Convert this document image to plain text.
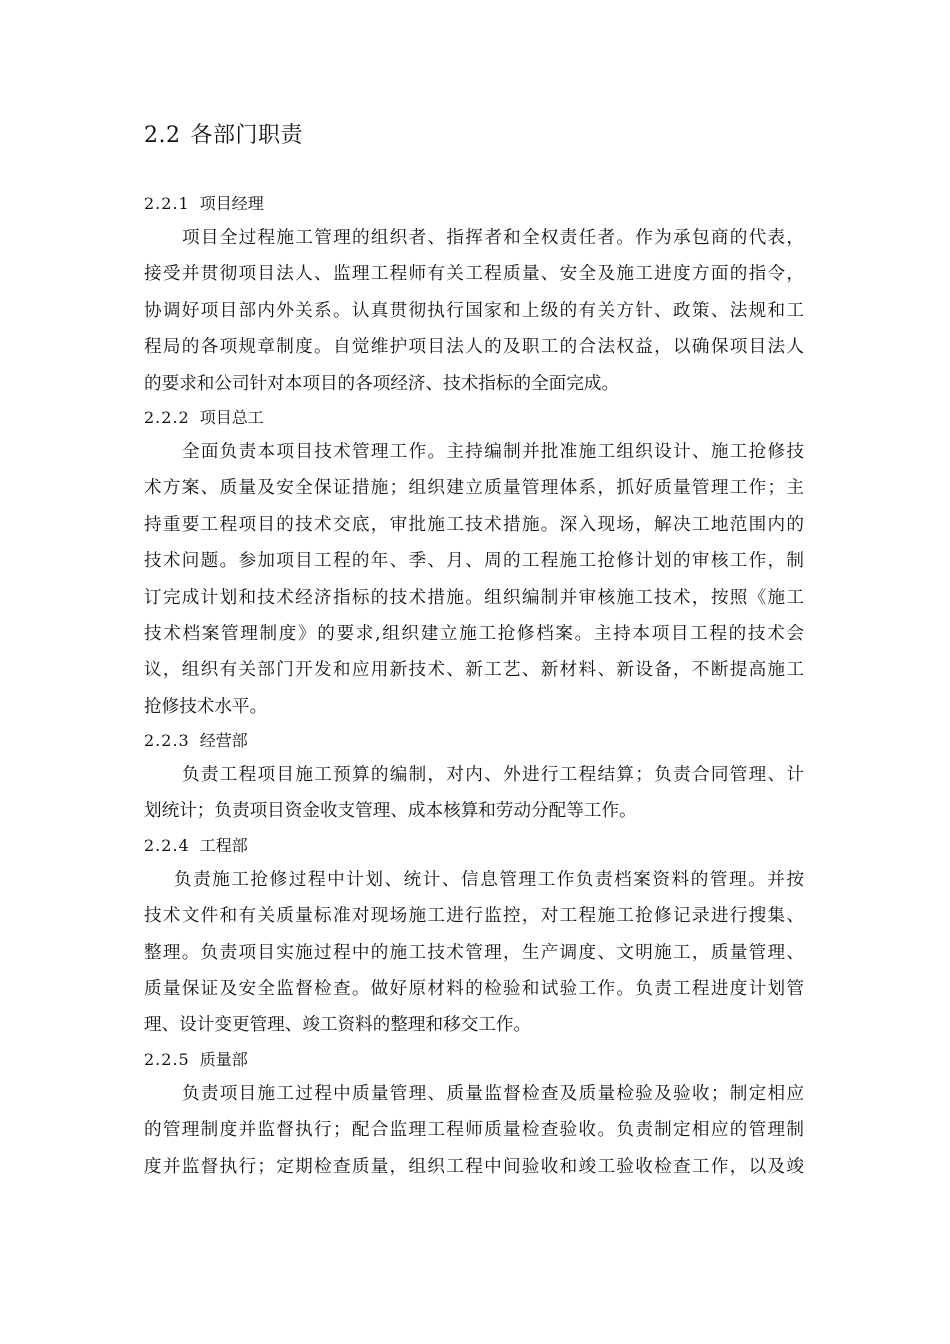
2.2 各部门职责
2.2.1 项目经理

项目全过程施工管理的组织者、指挥者和全权责任者。作为承包商的代表，
接受并贯彻项目法人、监理工程师有关工程质量、安全及施工进度方面的指令，
协调好项目部内外关系。认真贯彻执行国家和上级的有关方针、政策、法规和工
程局的各项规章制度。自觉维护项目法人的及职工的合法权益，以确保项目法人
的要求和公司针对本项目的各项经济、技术指标的全面完成。

2.2.2 项目总工

全面负责本项目技术管理工作。主持编制并批准施工组织设计、施工抢修技
术方案、质量及安全保证措施；组织建立质量管理体系，抓好质量管理工作；主
持重要工程项目的技术交底，审批施工技术措施。深入现场，解决工地范围内的
技术问题。参加项目工程的年、季、月、周的工程施工抢修计划的审核工作，制
订完成计划和技术经济指标的技术措施。组织编制并审核施工技术，按照《施工
技术档案管理制度》的要求,组织建立施工抢修档案。主持本项目工程的技术会
议，组织有关部门开发和应用新技术、新工艺、新材料、新设备，不断提高施工
抢修技术水平。

2.2.3 经营部

负责工程项目施工预算的编制，对内、外进行工程结算；负责合同管理、计
划统计；负责项目资金收支管理、成本核算和劳动分配等工作。

2.2.4 工程部

负责施工抢修过程中计划、统计、信息管理工作负责档案资料的管理。并按
技术文件和有关质量标准对现场施工进行监控，对工程施工抢修记录进行搜集、
整理。负责项目实施过程中的施工技术管理，生产调度、文明施工，质量管理、
质量保证及安全监督检查。做好原材料的检验和试验工作。负责工程进度计划管
理、设计变更管理、竣工资料的整理和移交工作。

2.2.5 质量部

负责项目施工过程中质量管理、质量监督检查及质量检验及验收；制定相应
的管理制度并监督执行；配合监理工程师质量检查验收。负责制定相应的管理制
度并监督执行；定期检查质量，组织工程中间验收和竣工验收检查工作，以及竣
